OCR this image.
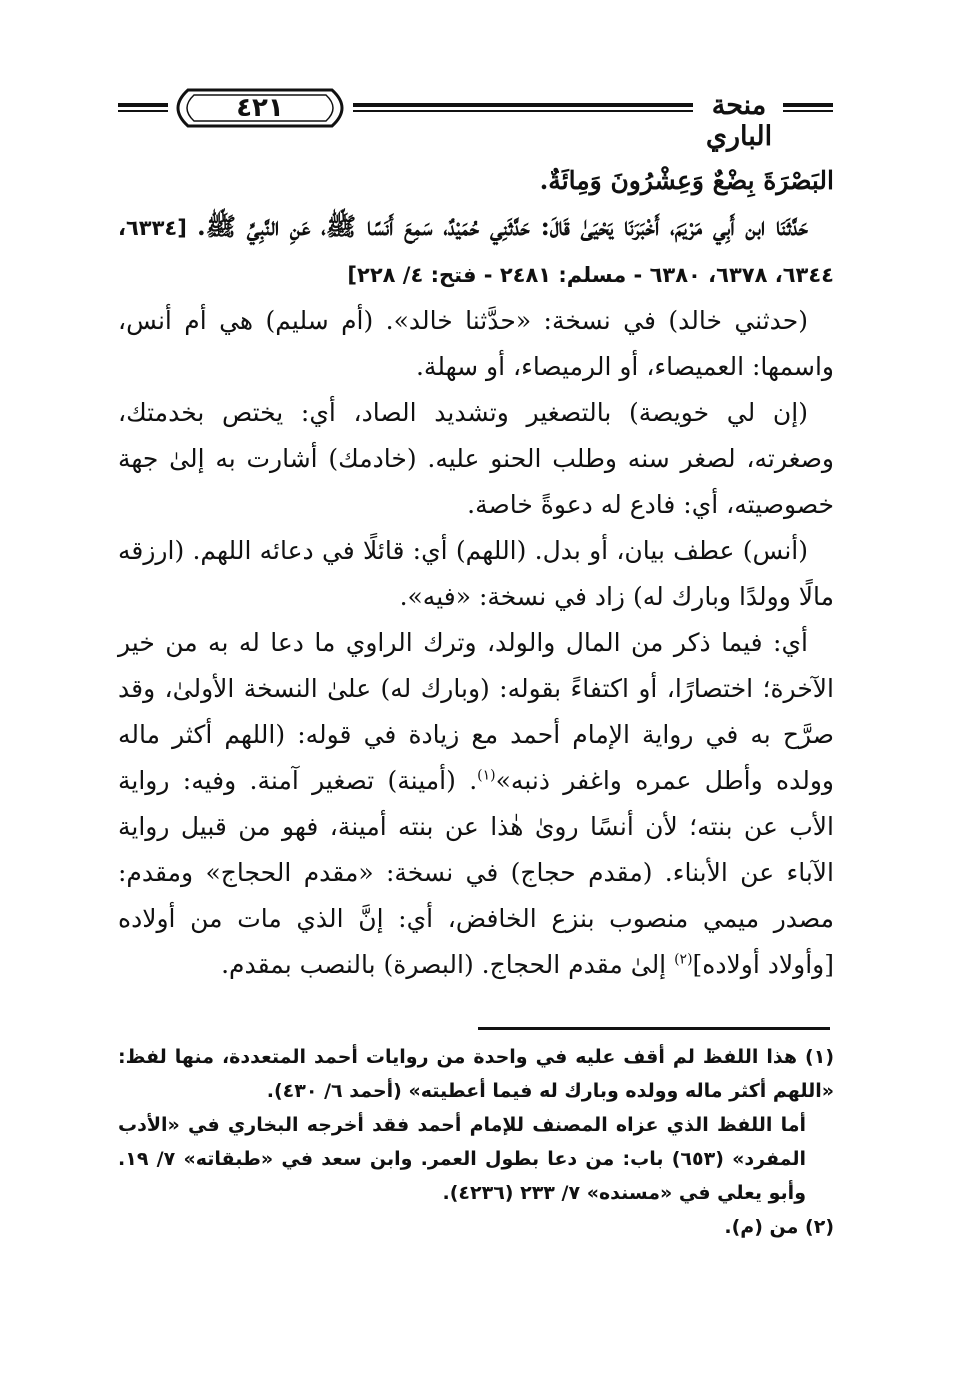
٤٢١	منحة الباري

البَصْرَةَ بِضْعٌ وَعِشْرُونَ وَمِائَةٌ.

حَدَّثَنَا ابن أَبِي مَرْيَمَ، أَخْبَرَنَا يَحْيَىٰ قَالَ: حَدَّثَنِي حُمَيْدٌ، سَمِعَ أَنَسًا ﷺ، عَنِ النَّبِيِّ ﷺ. [٦٣٣٤، ٦٣٤٤، ٦٣٧٨، ٦٣٨٠ - مسلم: ٢٤٨١ - فتح: ٤/ ٢٢٨]

(حدثني خالد) في نسخة: «حدَّثنا خالد». (أم سليم) هي أم أنس، واسمها: العميصاء، أو الرميصاء، أو سهلة.

(إن لي خويصة) بالتصغير وتشديد الصاد، أي: يختص بخدمتك، وصغرته، لصغر سنه وطلب الحنو عليه. (خادمك) أشارت به إلىٰ جهة خصوصيته، أي: فادع له دعوةً خاصة.

(أنس) عطف بيان، أو بدل. (اللهم) أي: قائلًا في دعائه اللهم. (ارزقه مالًا وولدًا وبارك له) زاد في نسخة: «فيه».

أي: فيما ذكر من المال والولد، وترك الراوي ما دعا له به من خير الآخرة؛ اختصارًا، أو اكتفاءً بقوله: (وبارك له) علىٰ النسخة الأولىٰ، وقد صرَّح به في رواية الإمام أحمد مع زيادة في قوله: (اللهم أكثر ماله وولده وأطل عمره واغفر ذنبه»$^{(١)}$. (أمينة) تصغير آمنة. وفيه: رواية الأب عن بنته؛ لأن أنسًا روىٰ هٰذا عن بنته أمينة، فهو من قبيل رواية الآباء عن الأبناء. (مقدم حجاج) في نسخة: «مقدم الحجاج» ومقدم: مصدر ميمي منصوب بنزع الخافض، أي: إنَّ الذي مات من أولاده [وأولاد أولاده]$^{(٢)}$ إلىٰ مقدم الحجاج. (البصرة) بالنصب بمقدم.

(١) هذا اللفظ لم أقف عليه في واحدة من روايات أحمد المتعددة، منها لفظ: «اللهم أكثر ماله وولده وبارك له فيما أعطيته» (أحمد ٦/ ٤٣٠).

أما اللفظ الذي عزاه المصنف للإمام أحمد فقد أخرجه البخاري في «الأدب المفرد» (٦٥٣) باب: من دعا بطول العمر. وابن سعد في «طبقاته» ٧/ ١٩. وأبو يعلي في «مسنده» ٧/ ٢٣٣ (٤٢٣٦).

(٢) من (م).
